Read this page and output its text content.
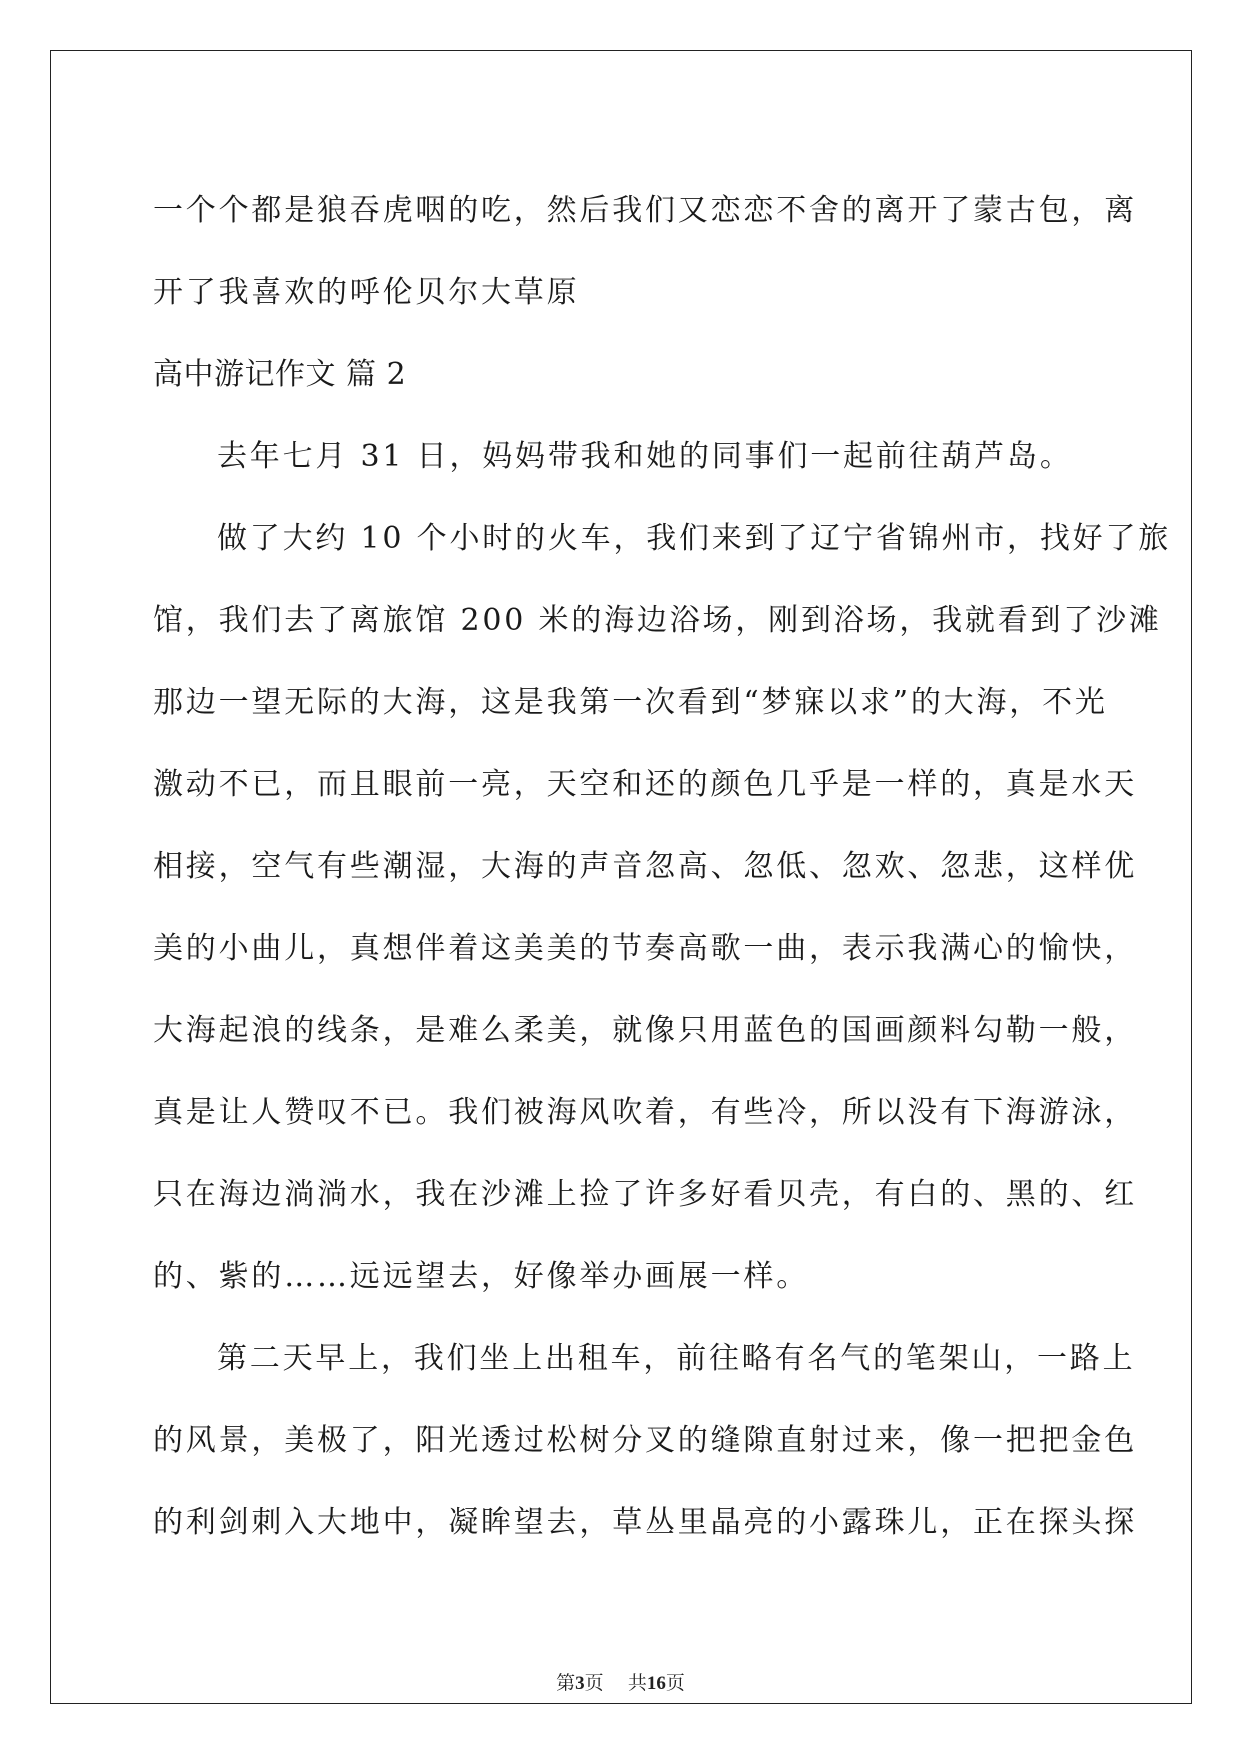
一个个都是狼吞虎咽的吃，然后我们又恋恋不舍的离开了蒙古包，离
开了我喜欢的呼伦贝尔大草原
高中游记作文 篇 2
去年七月 31 日，妈妈带我和她的同事们一起前往葫芦岛。
做了大约 10 个小时的火车，我们来到了辽宁省锦州市，找好了旅
馆，我们去了离旅馆 200 米的海边浴场，刚到浴场，我就看到了沙滩
那边一望无际的大海，这是我第一次看到“梦寐以求”的大海，不光
激动不已，而且眼前一亮，天空和还的颜色几乎是一样的，真是水天
相接，空气有些潮湿，大海的声音忽高、忽低、忽欢、忽悲，这样优
美的小曲儿，真想伴着这美美的节奏高歌一曲，表示我满心的愉快，
大海起浪的线条，是难么柔美，就像只用蓝色的国画颜料勾勒一般，
真是让人赞叹不已。我们被海风吹着，有些冷，所以没有下海游泳，
只在海边淌淌水，我在沙滩上捡了许多好看贝壳，有白的、黑的、红
的、紫的……远远望去，好像举办画展一样。
第二天早上，我们坐上出租车，前往略有名气的笔架山，一路上
的风景，美极了，阳光透过松树分叉的缝隙直射过来，像一把把金色
的利剑刺入大地中，凝眸望去，草丛里晶亮的小露珠儿，正在探头探
第3页 共16页
